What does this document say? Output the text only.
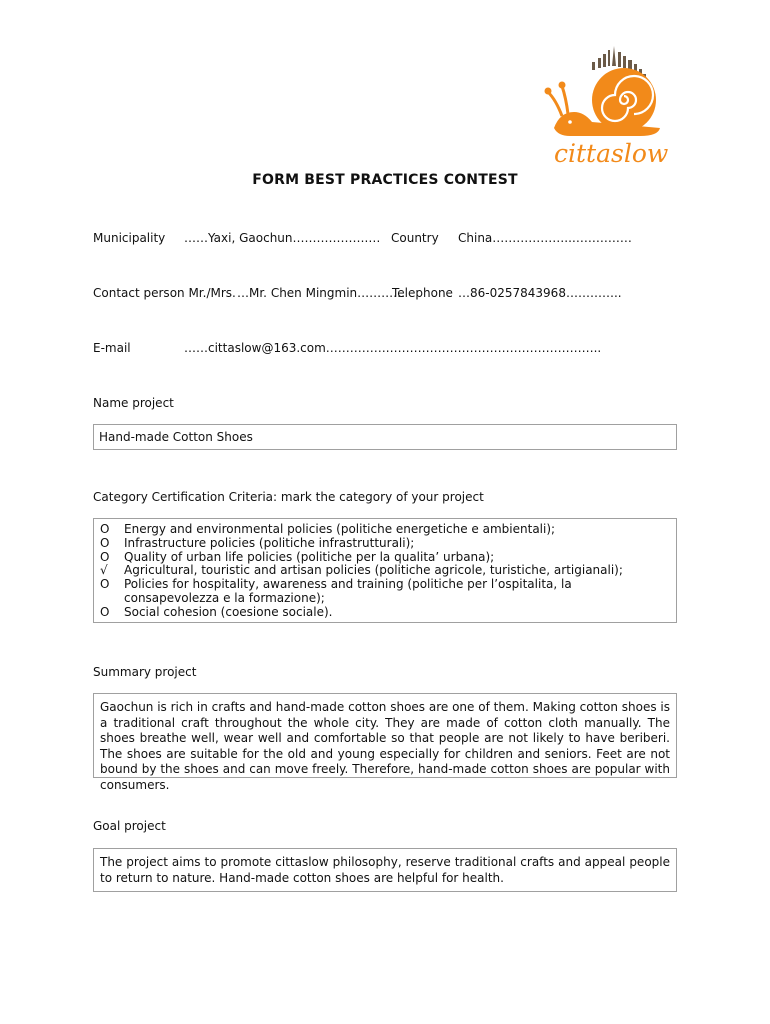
cittaslow
FORM BEST PRACTICES CONTEST
Municipality ……Yaxi, Gaochun……………….… Country China………………..……………
Contact person Mr./Mrs. …Mr. Chen Mingmin…………
Telephone …86-0257843968…………..
E-mail	……cittaslow@163.com…………….……………………………………………..
Name project
Hand-made Cotton Shoes
Category Certification Criteria: mark the category of your project
O	Energy and environmental policies (politiche energetiche e ambientali);
O	Infrastructure policies (politiche infrastrutturali);
O	Quality of urban life policies (politiche per la qualita’ urbana);
√	Agricultural, touristic and artisan policies (politiche agricole, turistiche, artigianali);
O	Policies for hospitality, awareness and training (politiche per l’ospitalita, la consapevolezza e la formazione);
O	Social cohesion (coesione sociale).
Summary project
Gaochun is rich in crafts and hand-made cotton shoes are one of them. Making cotton shoes is a traditional craft throughout the whole city. They are made of cotton cloth manually. The shoes breathe well, wear well and comfortable so that people are not likely to have beriberi. The shoes are suitable for the old and young especially for children and seniors. Feet are not bound by the shoes and can move freely. Therefore, hand-made cotton shoes are popular with consumers.
Goal project
The project aims to promote cittaslow philosophy, reserve traditional crafts and appeal people to return to nature. Hand-made cotton shoes are helpful for health.
